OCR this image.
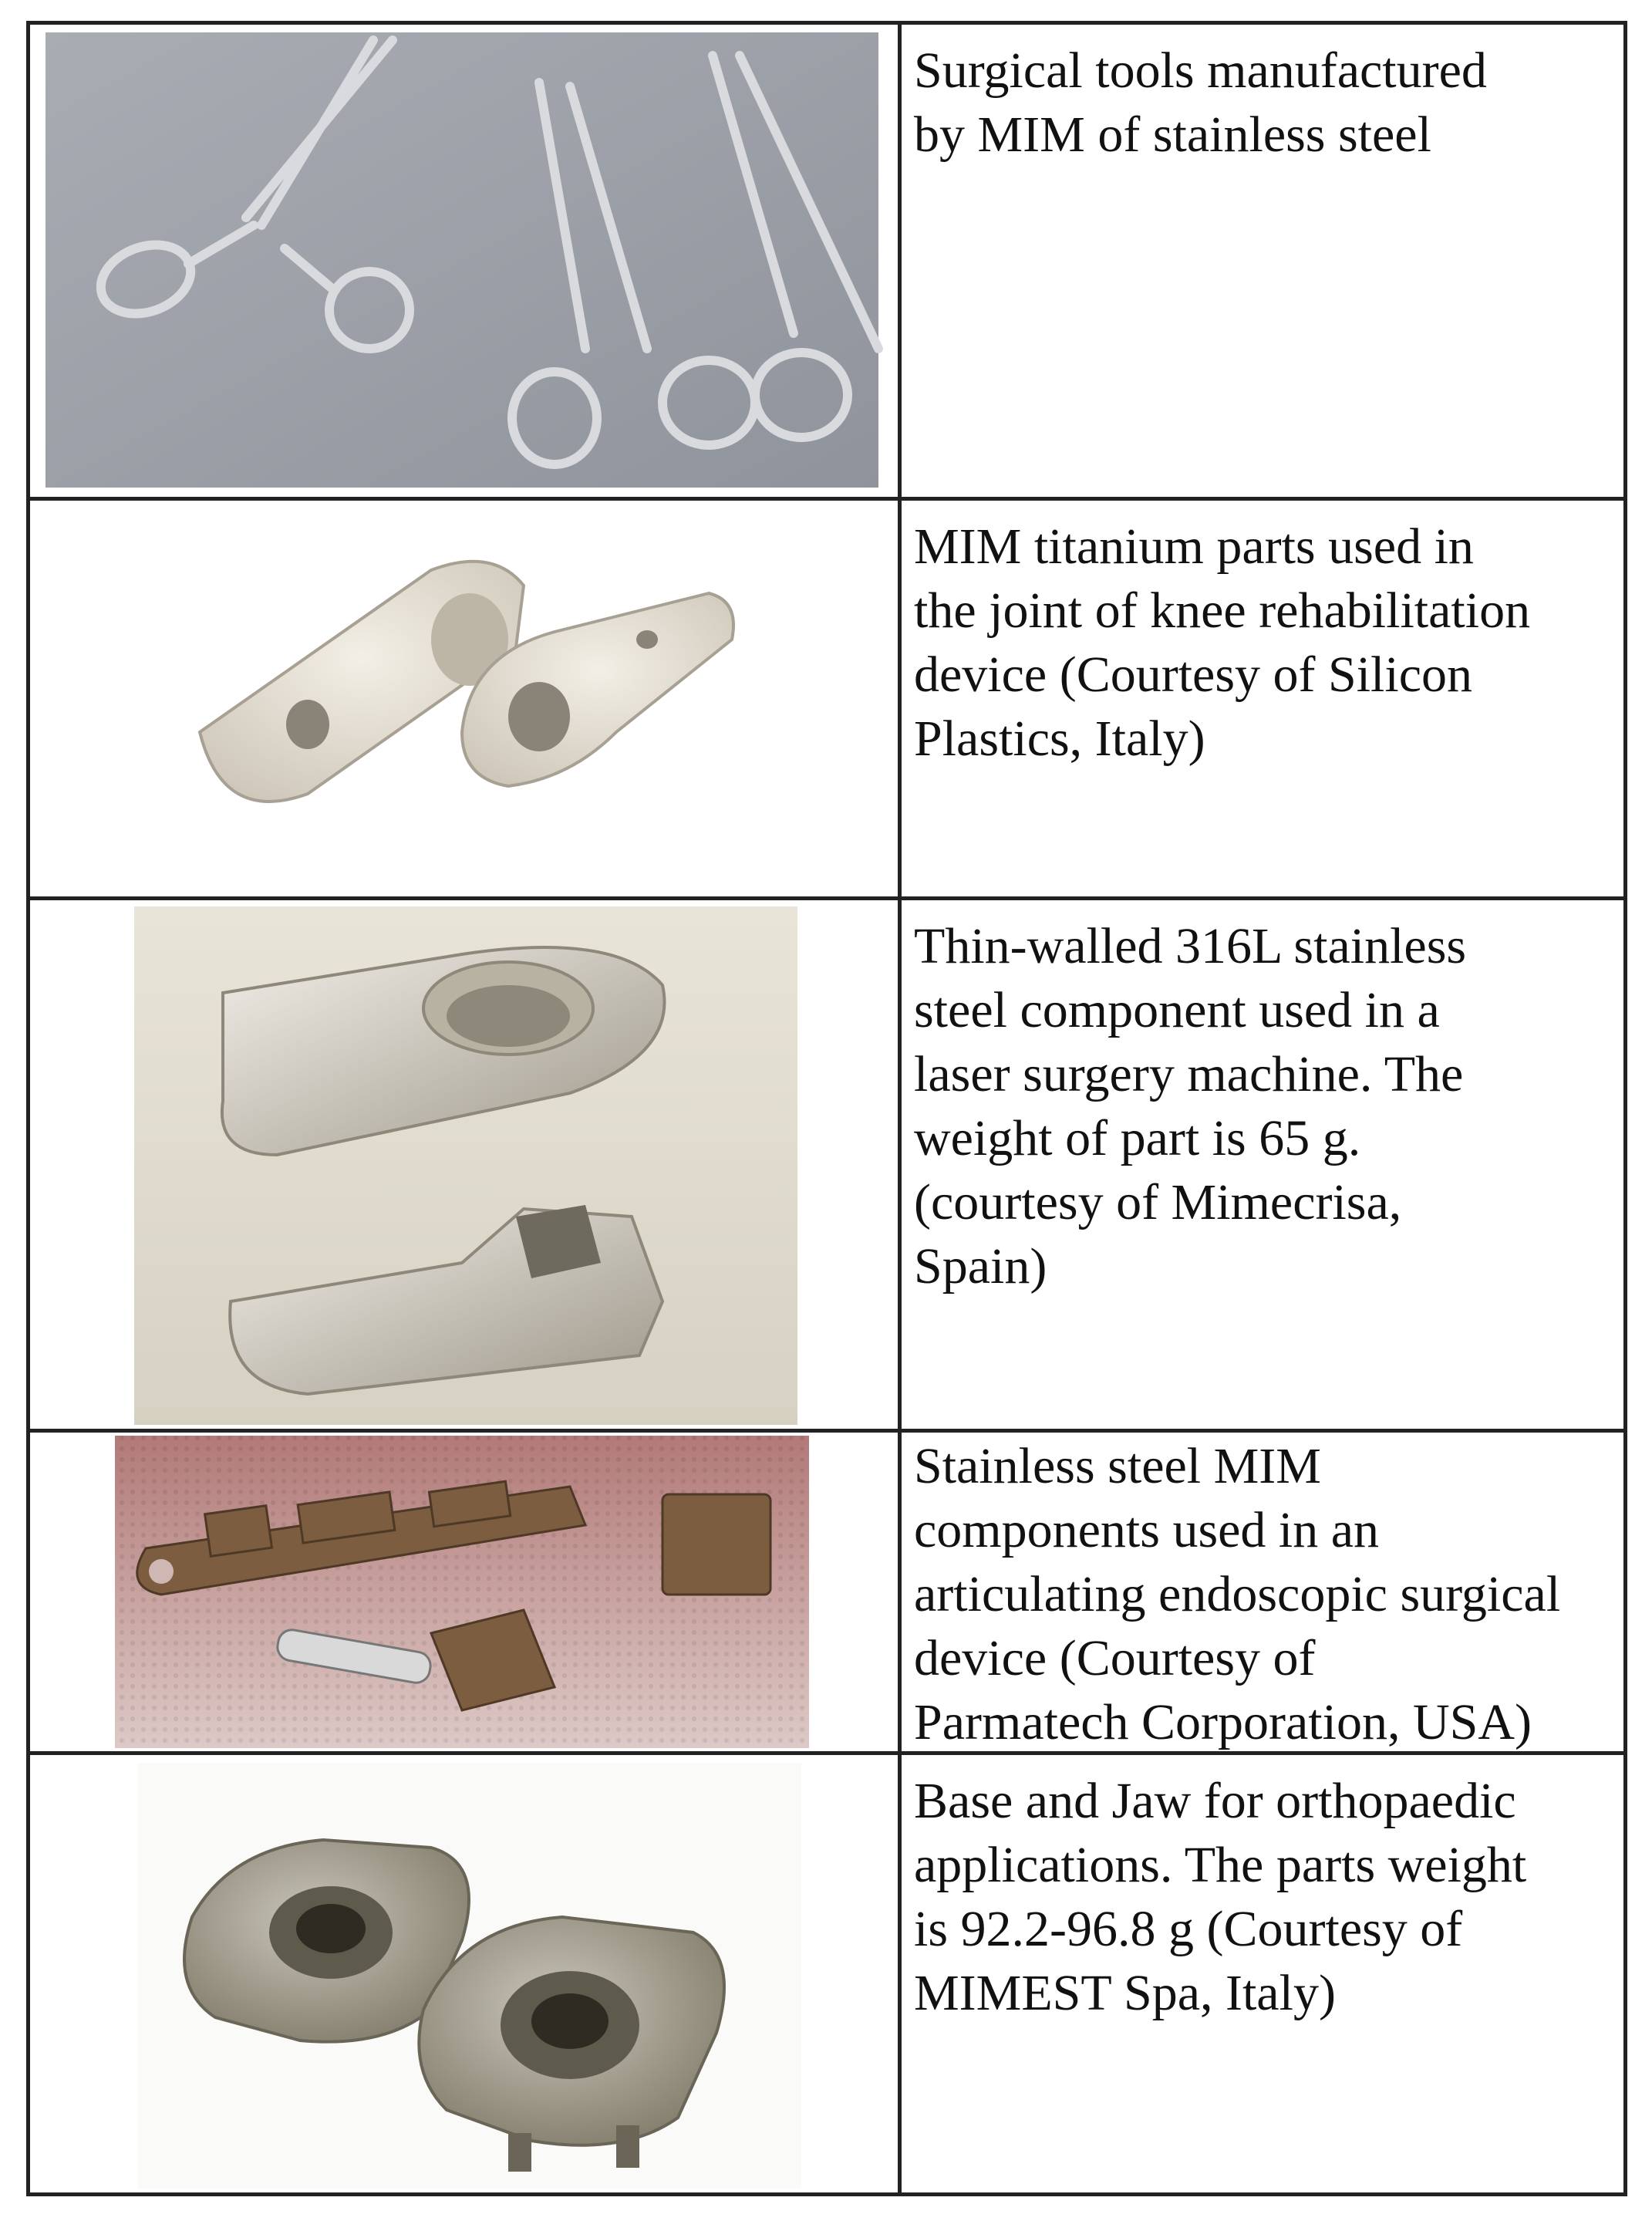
Surgical tools manufactured
by MIM of stainless steel
MIM titanium parts used in
the joint of knee rehabilitation
device (Courtesy of Silicon
Plastics, Italy)
Thin-walled 316L stainless
steel component used in a
laser surgery machine. The
weight of part is 65 g.
(courtesy of Mimecrisa,
Spain)
Stainless steel MIM
components used in an
articulating endoscopic surgical
device (Courtesy of
Parmatech Corporation, USA)
Base and Jaw for orthopaedic
applications. The parts weight
is 92.2-96.8 g (Courtesy of
MIMEST Spa, Italy)
